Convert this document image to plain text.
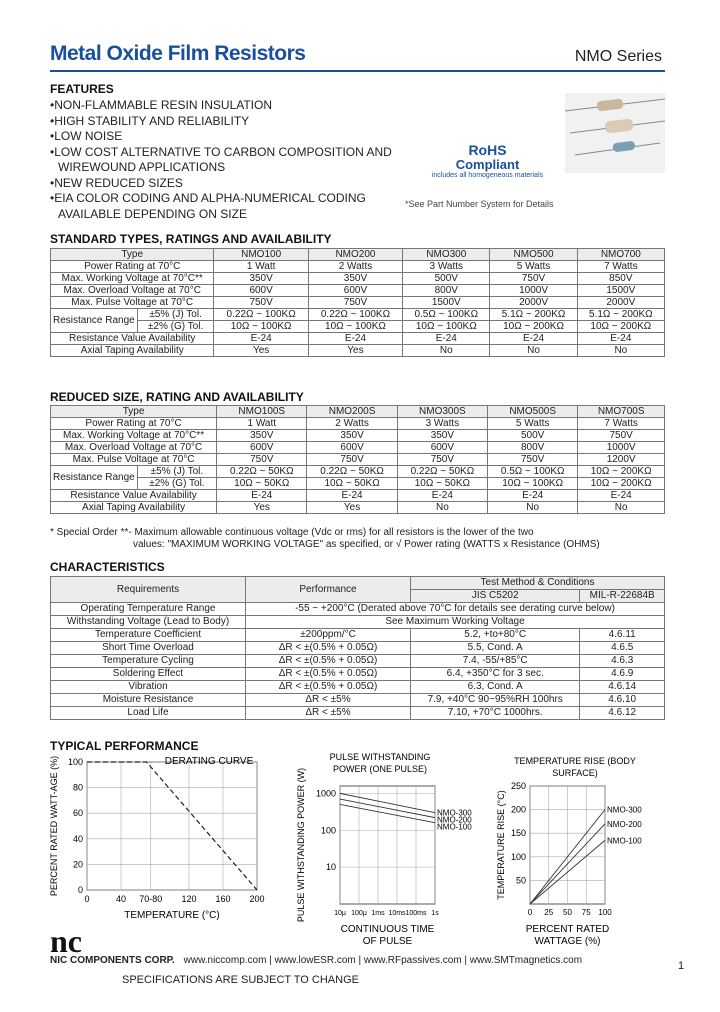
Metal Oxide Film Resistors	NMO Series
FEATURES
• NON-FLAMMABLE RESIN INSULATION
• HIGH STABILITY AND RELIABILITY
• LOW NOISE
• LOW COST ALTERNATIVE TO CARBON COMPOSITION AND WIREWOUND APPLICATIONS
• NEW REDUCED SIZES
• EIA COLOR CODING AND ALPHA-NUMERICAL CODING AVAILABLE DEPENDING ON SIZE
RoHS
Compliant
includes all homogeneous materials
*See Part Number System for Details
STANDARD TYPES, RATINGS AND AVAILABILITY
Type		NMO100	NMO200	NMO300	NMO500	NMO700
Power Rating at 70°C		1 Watt	2 Watts	3 Watts	5 Watts	7 Watts
Max. Working Voltage at 70°C**		350V	350V	500V	750V	850V
Max. Overload Voltage at 70°C		600V	600V	800V	1000V	1500V
Max. Pulse Voltage at 70°C		750V	750V	1500V	2000V	2000V
Resistance Range	±5% (J) Tol.	0.22Ω ~ 100KΩ	0.22Ω ~ 100KΩ	0.5Ω ~ 100KΩ	5.1Ω ~ 200KΩ	5.1Ω ~ 200KΩ
	±2% (G) Tol.	10Ω ~ 100KΩ	10Ω ~ 100KΩ	10Ω ~ 100KΩ	10Ω ~ 200KΩ	10Ω ~ 200KΩ
Resistance Value Availability		E-24	E-24	E-24	E-24	E-24
Axial Taping Availability		Yes	Yes	No	No	No
REDUCED SIZE, RATING AND AVAILABILITY
Type		NMO100S	NMO200S	NMO300S	NMO500S	NMO700S
Power Rating at 70°C		1 Watt	2 Watts	3 Watts	5 Watts	7 Watts
Max. Working Voltage at 70°C**		350V	350V	350V	500V	750V
Max. Overload Voltage at 70°C		600V	600V	600V	800V	1000V
Max. Pulse Voltage at 70°C		750V	750V	750V	750V	1200V
Resistance Range	±5% (J) Tol.	0.22Ω ~ 50KΩ	0.22Ω ~ 50KΩ	0.22Ω ~ 50KΩ	0.5Ω ~ 100KΩ	10Ω ~ 200KΩ
	±2% (G) Tol.	10Ω ~ 50KΩ	10Ω ~ 50KΩ	10Ω ~ 50KΩ	10Ω ~ 100KΩ	10Ω ~ 200KΩ
Resistance Value Availability		E-24	E-24	E-24	E-24	E-24
Axial Taping Availability		Yes	Yes	No	No	No
* Special Order **- Maximum allowable continuous voltage (Vdc or rms) for all resistors is the lower of the two
values: "MAXIMUM WORKING VOLTAGE" as specified, or √ Power rating (WATTS x Resistance (OHMS)
CHARACTERISTICS
Requirements	Performance	Test Method & Conditions	
		JIS C5202	MIL-R-22684B
Operating Temperature Range	-55 ~ +200°C (Derated above 70°C for details see derating curve below)		
Withstanding Voltage (Lead to Body)	See Maximum Working Voltage		
Temperature Coefficient	±200ppm/°C	5.2, +to+80°C	4.6.11
Short Time Overload	ΔR < ±(0.5% + 0.05Ω)	5.5, Cond. A	4.6.5
Temperature Cycling	ΔR < ±(0.5% + 0.05Ω)	7.4, -55/+85°C	4.6.3
Soldering Effect	ΔR < ±(0.5% + 0.05Ω)	6.4, +350°C for 3 sec.	4.6.9
Vibration	ΔR < ±(0.5% + 0.05Ω)	6.3, Cond. A	4.6.14
Moisture Resistance	ΔR < ±5%	7.9, +40°C 90~95%RH 100hrs	4.6.10
Load Life	ΔR < ±5%	7.10, +70°C 1000hrs.	4.6.12
TYPICAL PERFORMANCE
0
20
40
60
80
100
0	40 70-80 120 160 200
DERATING CURVE
TEMPERATURE (°C)
PERCENT RATED WATT-AGE (%)	PULSE WITHSTANDING
POWER (ONE PULSE)
10
100
1000
10μ 100μ 1ms 10ms 100ms 1s
NMO-300
NMO-200
NMO-100
CONTINUOUS TIME
OF PULSE
PULSE WITHSTANDING POWER (W)
TEMPERATURE RISE (BODY
SURFACE)
50
100
150
200
250
0 25 50 75 100
NMO-300
NMO-200
NMO-100
PERCENT RATED
WATTAGE (%)
TEMPERATURE RISE (°C)
nc
NIC COMPONENTS CORP. www.niccomp.com | www.lowESR.com | www.RFpassives.com | www.SMTmagnetics.com
SPECIFICATIONS ARE SUBJECT TO CHANGE
1
